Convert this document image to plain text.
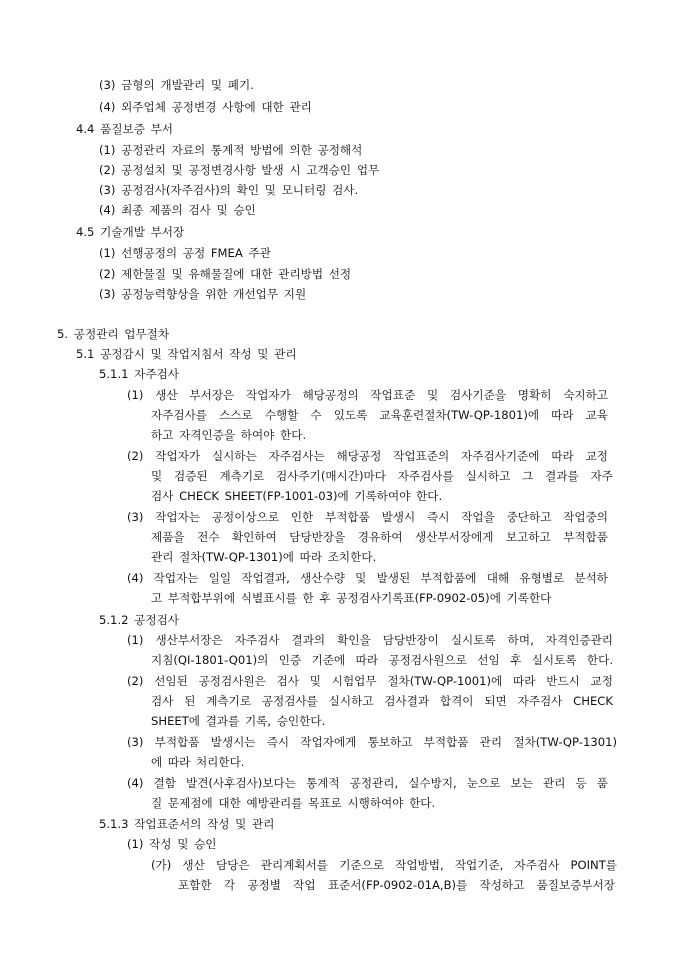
(3) 금형의 개발관리 및 폐기.
(4) 외주업체 공정변경 사항에 대한 관리
4.4 품질보증 부서
(1) 공정관리 자료의 통계적 방법에 의한 공정해석
(2) 공정설치 및 공정변경사항 발생 시 고객승인 업무
(3) 공정검사(자주검사)의 확인 및 모니터링 검사.
(4) 최종 제품의 검사 및 승인
4.5 기술개발 부서장
(1) 선행공정의 공정 FMEA 주관
(2) 제한물질 및 유해물질에 대한 관리방법 선정
(3) 공정능력향상을 위한 개선업무 지원
5. 공정관리 업무절차
5.1 공정감시 및 작업지침서 작성 및 관리
5.1.1 자주검사
(1) 생산 부서장은 작업자가 해당공정의 작업표준 및 검사기준을 명확히 숙지하고
자주검사를 스스로 수행할 수 있도록 교육훈련절차(TW-QP-1801)에 따라 교육
하고 자격인증을 하여야 한다.
(2) 작업자가 실시하는 자주검사는 해당공정 작업표준의 자주검사기준에 따라 교정
및 검증된 계측기로 검사주기(매시간)마다 자주검사를 실시하고 그 결과를 자주
검사 CHECK SHEET(FP-1001-03)에 기록하여야 한다.
(3) 작업자는 공정이상으로 인한 부적합품 발생시 즉시 작업을 중단하고 작업중의
제품을 전수 확인하여 담당반장을 경유하여 생산부서장에게 보고하고 부적합품
관리 절차(TW-QP-1301)에 따라 조치한다.
(4) 작업자는 일일 작업결과, 생산수량 및 발생된 부적합품에 대해 유형별로 분석하
고 부적합부위에 식별표시를 한 후 공정검사기록표(FP-0902-05)에 기록한다
5.1.2 공정검사
(1) 생산부서장은 자주검사 결과의 확인을 담당반장이 실시토록 하며, 자격인증관리
지침(QI-1801-Q01)의 인증 기준에 따라 공정검사원으로 선임 후 실시토록 한다.
(2) 선임된 공정검사원은 검사 및 시험업무 절차(TW-QP-1001)에 따라 반드시 교정
검사 된 계측기로 공정검사를 실시하고 검사결과 합격이 되면 자주검사 CHECK
SHEET에 결과를 기록, 승인한다.
(3) 부적합품 발생시는 즉시 작업자에게 통보하고 부적합품 관리 절차(TW-QP-1301)
에 따라 처리한다.
(4) 결함 발견(사후검사)보다는 통계적 공정관리, 실수방지, 눈으로 보는 관리 등 품
질 문제점에 대한 예방관리를 목표로 시행하여야 한다.
5.1.3 작업표준서의 작성 및 관리
(1) 작성 및 승인
(가) 생산 담당은 관리계획서를 기준으로 작업방법, 작업기준, 자주검사 POINT를
포함한 각 공정별 작업 표준서(FP-0902-01A,B)를 작성하고 품질보증부서장
